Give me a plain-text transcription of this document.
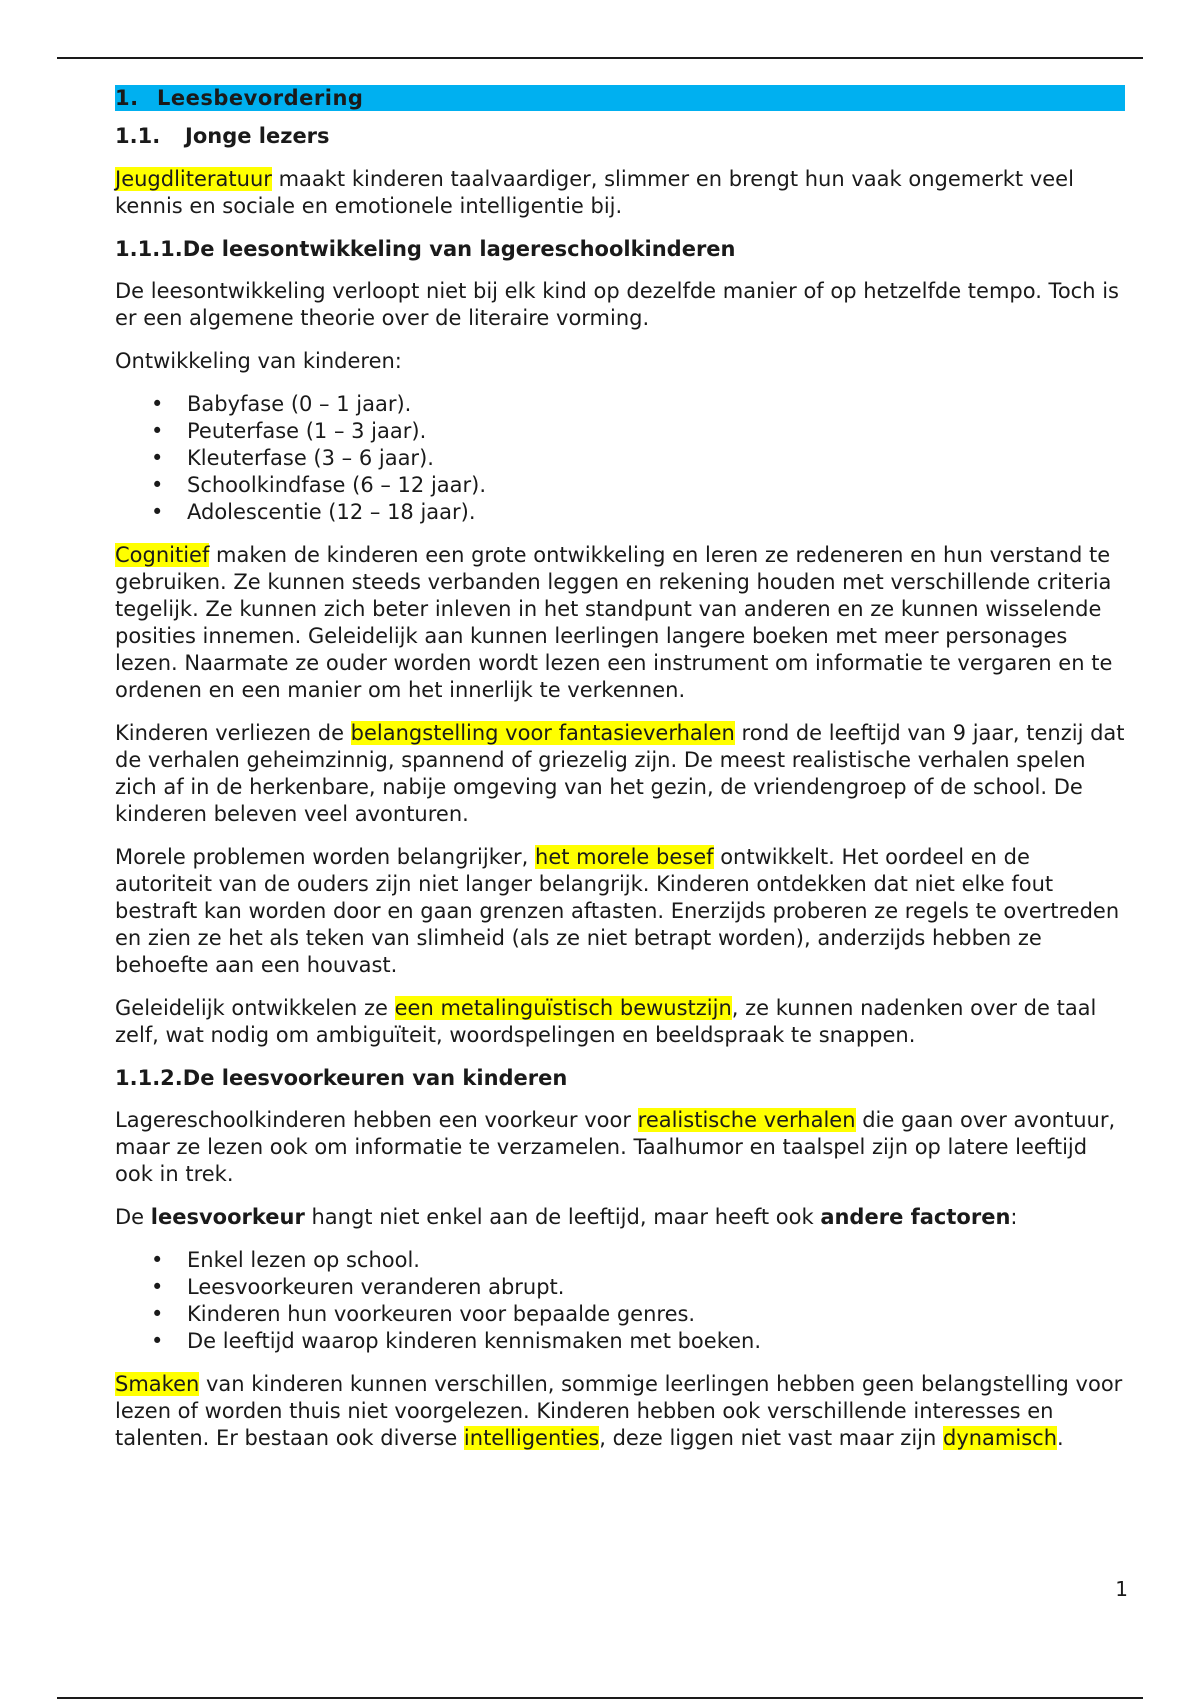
1. Leesbevordering
1.1. Jonge lezers

Jeugdliteratuur maakt kinderen taalvaardiger, slimmer en brengt hun vaak ongemerkt veel kennis en sociale en emotionele intelligentie bij.

1.1.1.De leesontwikkeling van lagereschoolkinderen

De leesontwikkeling verloopt niet bij elk kind op dezelfde manier of op hetzelfde tempo. Toch is er een algemene theorie over de literaire vorming.

Ontwikkeling van kinderen:

• Babyfase (0 – 1 jaar).
• Peuterfase (1 – 3 jaar).
• Kleuterfase (3 – 6 jaar).
• Schoolkindfase (6 – 12 jaar).
• Adolescentie (12 – 18 jaar).

Cognitief maken de kinderen een grote ontwikkeling en leren ze redeneren en hun verstand te gebruiken. Ze kunnen steeds verbanden leggen en rekening houden met verschillende criteria tegelijk. Ze kunnen zich beter inleven in het standpunt van anderen en ze kunnen wisselende posities innemen. Geleidelijk aan kunnen leerlingen langere boeken met meer personages lezen. Naarmate ze ouder worden wordt lezen een instrument om informatie te vergaren en te ordenen en een manier om het innerlijk te verkennen.

Kinderen verliezen de belangstelling voor fantasieverhalen rond de leeftijd van 9 jaar, tenzij dat de verhalen geheimzinnig, spannend of griezelig zijn. De meest realistische verhalen spelen zich af in de herkenbare, nabije omgeving van het gezin, de vriendengroep of de school. De kinderen beleven veel avonturen.

Morele problemen worden belangrijker, het morele besef ontwikkelt. Het oordeel en de autoriteit van de ouders zijn niet langer belangrijk. Kinderen ontdekken dat niet elke fout bestraft kan worden door en gaan grenzen aftasten. Enerzijds proberen ze regels te overtreden en zien ze het als teken van slimheid (als ze niet betrapt worden), anderzijds hebben ze behoefte aan een houvast.

Geleidelijk ontwikkelen ze een metalinguïstisch bewustzijn, ze kunnen nadenken over de taal zelf, wat nodig om ambiguïteit, woordspelingen en beeldspraak te snappen.

1.1.2.De leesvoorkeuren van kinderen

Lagereschoolkinderen hebben een voorkeur voor realistische verhalen die gaan over avontuur, maar ze lezen ook om informatie te verzamelen. Taalhumor en taalspel zijn op latere leeftijd ook in trek.

De leesvoorkeur hangt niet enkel aan de leeftijd, maar heeft ook andere factoren:

• Enkel lezen op school.
• Leesvoorkeuren veranderen abrupt.
• Kinderen hun voorkeuren voor bepaalde genres.
• De leeftijd waarop kinderen kennismaken met boeken.

Smaken van kinderen kunnen verschillen, sommige leerlingen hebben geen belangstelling voor lezen of worden thuis niet voorgelezen. Kinderen hebben ook verschillende interesses en talenten. Er bestaan ook diverse intelligenties, deze liggen niet vast maar zijn dynamisch.

1
